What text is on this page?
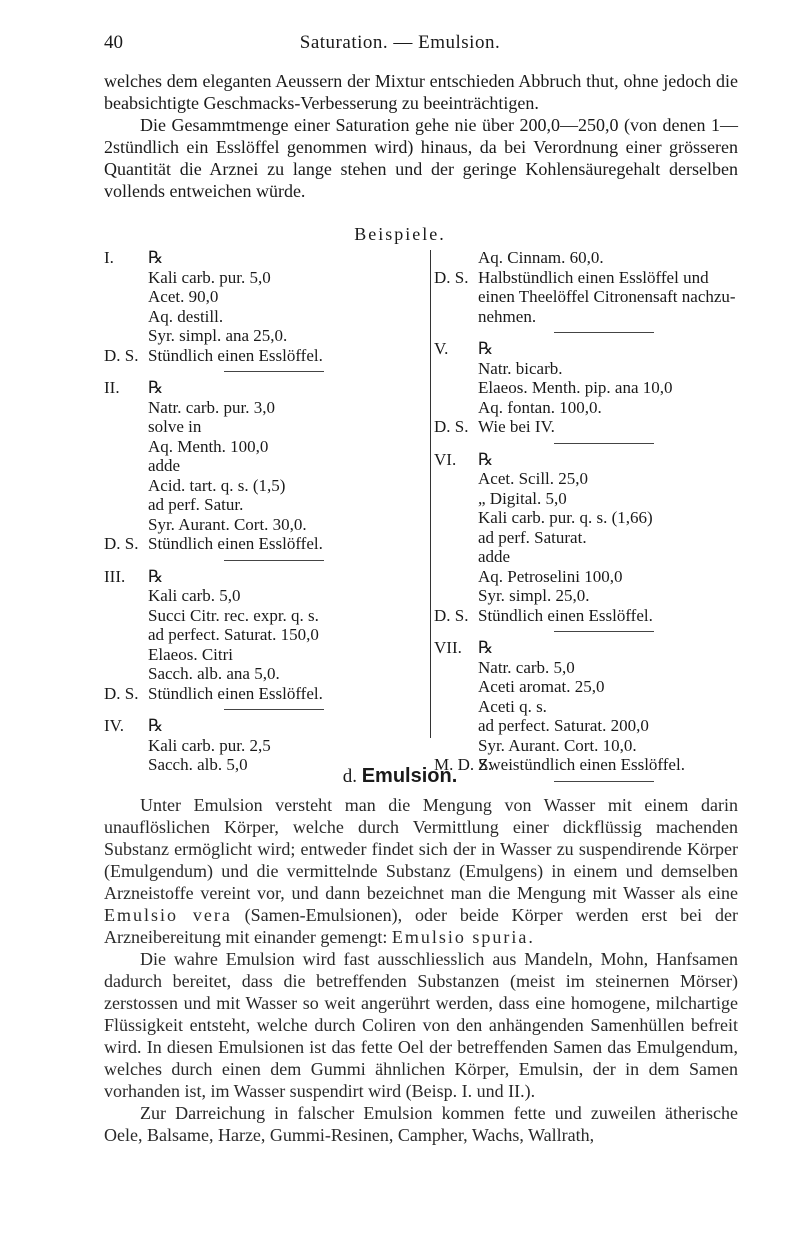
40	Saturation. — Emulsion.

welches dem eleganten Aeussern der Mixtur entschieden Abbruch thut, ohne jedoch die beabsichtigte Geschmacks-Verbesserung zu beeinträchtigen.

Die Gesammtmenge einer Saturation gehe nie über 200,0—250,0 (von denen 1—2stündlich ein Esslöffel genommen wird) hinaus, da bei Verordnung einer grösseren Quantität die Arznei zu lange stehen und der geringe Kohlensäuregehalt derselben vollends entweichen würde.

Beispiele.
I. ℞
Kali carb. pur. 5,0
Acet. 90,0
Aq. destill.
Syr. simpl. ana 25,0.
D. S. Stündlich einen Esslöffel.
II. ℞
Natr. carb. pur. 3,0
solve in
Aq. Menth. 100,0
adde
Acid. tart. q. s. (1,5)
ad perf. Satur.
Syr. Aurant. Cort. 30,0.
D. S. Stündlich einen Esslöffel.
III. ℞
Kali carb. 5,0
Succi Citr. rec. expr. q. s.
ad perfect. Saturat. 150,0
Elaeos. Citri
Sacch. alb. ana 5,0.
D. S. Stündlich einen Esslöffel.
IV. ℞
Kali carb. pur. 2,5
Sacch. alb. 5,0
Aq. Cinnam. 60,0.
D. S. Halbstündlich einen Esslöffel und
einen Theelöffel Citronensaft nachzu-
nehmen.
V. ℞
Natr. bicarb.
Elaeos. Menth. pip. ana 10,0
Aq. fontan. 100,0.
D. S. Wie bei IV.
VI. ℞
Acet. Scill. 25,0
„ Digital. 5,0
Kali carb. pur. q. s. (1,66)
ad perf. Saturat.
adde
Aq. Petroselini 100,0
Syr. simpl. 25,0.
D. S. Stündlich einen Esslöffel.
VII. ℞
Natr. carb. 5,0
Aceti aromat. 25,0
Aceti q. s.
ad perfect. Saturat. 200,0
Syr. Aurant. Cort. 10,0.
M. D. S.Zweistündlich einen Esslöffel.
d. Emulsion.

Unter Emulsion versteht man die Mengung von Wasser mit einem darin unauflöslichen Körper, welche durch Vermittlung einer dickflüssig machenden Substanz ermöglicht wird; entweder findet sich der in Wasser zu suspendirende Körper (Emulgendum) und die vermittelnde Substanz (Emulgens) in einem und demselben Arzneistoffe vereint vor, und dann bezeichnet man die Mengung mit Wasser als eine Emulsio vera (Samen-Emulsionen), oder beide Körper werden erst bei der Arzneibereitung mit einander gemengt: Emulsio spuria.

Die wahre Emulsion wird fast ausschliesslich aus Mandeln, Mohn, Hanfsamen dadurch bereitet, dass die betreffenden Substanzen (meist im steinernen Mörser) zerstossen und mit Wasser so weit angerührt werden, dass eine homogene, milchartige Flüssigkeit entsteht, welche durch Coliren von den anhängenden Samenhüllen befreit wird. In diesen Emulsionen ist das fette Oel der betreffenden Samen das Emulgendum, welches durch einen dem Gummi ähnlichen Körper, Emulsin, der in dem Samen vorhanden ist, im Wasser suspendirt wird (Beisp. I. und II.).

Zur Darreichung in falscher Emulsion kommen fette und zuweilen ätherische Oele, Balsame, Harze, Gummi-Resinen, Campher, Wachs, Wallrath,
